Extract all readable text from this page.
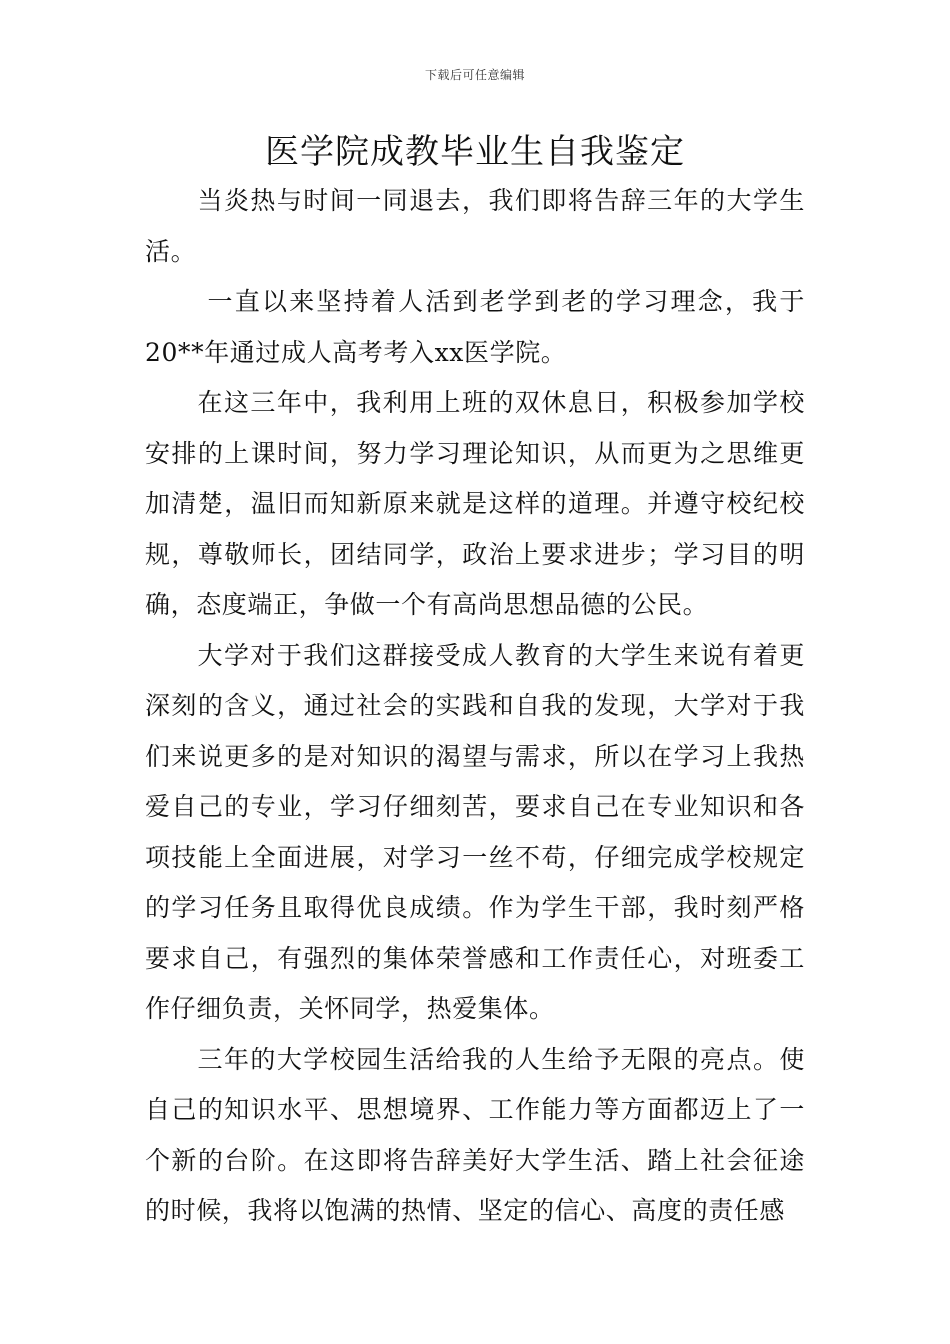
下载后可任意编辑
医学院成教毕业生自我鉴定

当炎热与时间一同退去，我们即将告辞三年的大学生活。

一直以来坚持着人活到老学到老的学习理念，我于20**年通过成人高考考入xx医学院。

在这三年中，我利用上班的双休息日，积极参加学校安排的上课时间，努力学习理论知识，从而更为之思维更加清楚，温旧而知新原来就是这样的道理。并遵守校纪校规，尊敬师长，团结同学，政治上要求进步；学习目的明确，态度端正，争做一个有高尚思想品德的公民。

大学对于我们这群接受成人教育的大学生来说有着更深刻的含义，通过社会的实践和自我的发现，大学对于我们来说更多的是对知识的渴望与需求，所以在学习上我热爱自己的专业，学习仔细刻苦，要求自己在专业知识和各项技能上全面进展，对学习一丝不苟，仔细完成学校规定的学习任务且取得优良成绩。作为学生干部，我时刻严格要求自己，有强烈的集体荣誉感和工作责任心，对班委工作仔细负责，关怀同学，热爱集体。

三年的大学校园生活给我的人生给予无限的亮点。使自己的知识水平、思想境界、工作能力等方面都迈上了一个新的台阶。在这即将告辞美好大学生活、踏上社会征途的时候，我将以饱满的热情、坚定的信心、高度的责任感
